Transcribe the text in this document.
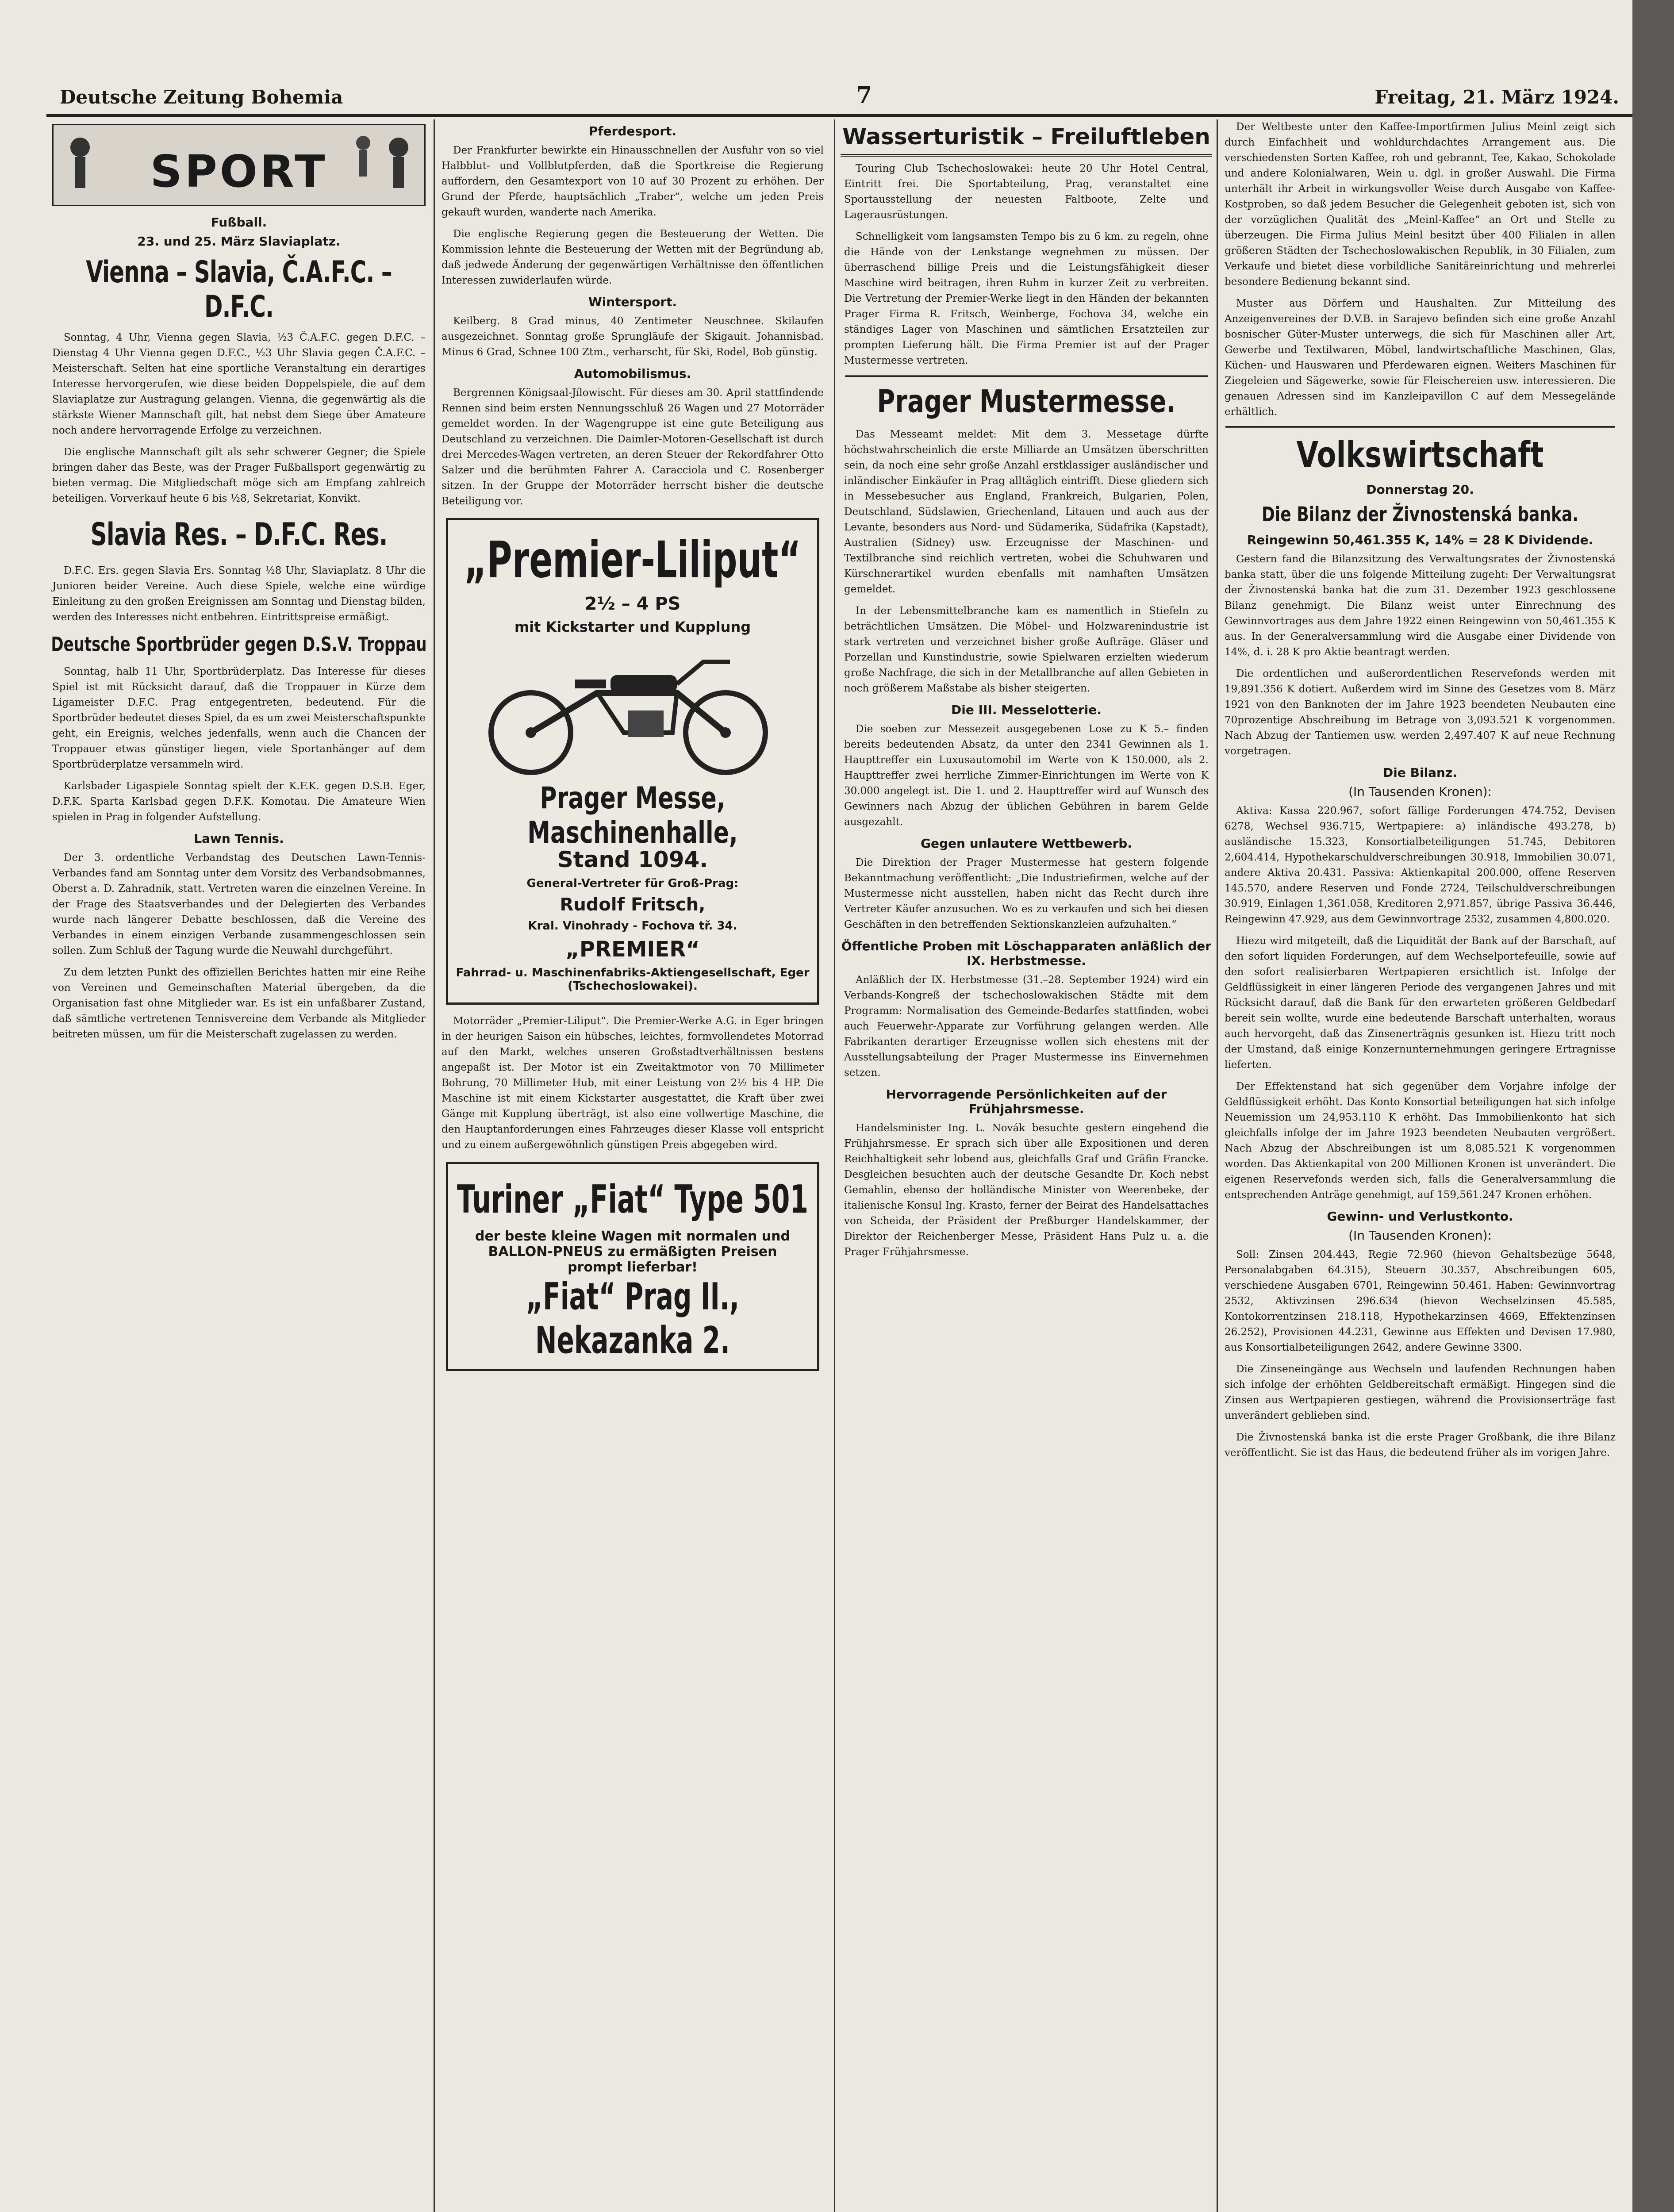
Deutsche Zeitung Bohemia	7	Freitag, 21. März 1924.
SPORT
Fußball.
23. und 25. März Slaviaplatz.
Vienna – Slavia, Č.A.F.C. – D.F.C.

Sonntag, 4 Uhr, Vienna gegen Slavia, ½3 Č.A.F.C. gegen D.F.C. – Dienstag 4 Uhr Vienna gegen D.F.C., ½3 Uhr Slavia gegen Č.A.F.C. – Meisterschaft. Selten hat eine sportliche Veranstaltung ein derartiges Interesse hervorgerufen, wie diese beiden Doppelspiele, die auf dem Slaviaplatze zur Austragung gelangen. Vienna, die gegenwärtig als die stärkste Wiener Mannschaft gilt, hat nebst dem Siege über Amateure noch andere hervorragende Erfolge zu verzeichnen.

Die englische Mannschaft gilt als sehr schwerer Gegner; die Spiele bringen daher das Beste, was der Prager Fußballsport gegenwärtig zu bieten vermag. Die Mitgliedschaft möge sich am Empfang zahlreich beteiligen. Vorverkauf heute 6 bis ½8, Sekretariat, Konvikt.

Slavia Res. – D.F.C. Res.

D.F.C. Ers. gegen Slavia Ers. Sonntag ½8 Uhr, Slaviaplatz. 8 Uhr die Junioren beider Vereine. Auch diese Spiele, welche eine würdige Einleitung zu den großen Ereignissen am Sonntag und Dienstag bilden, werden des Interesses nicht entbehren. Eintrittspreise ermäßigt.

Deutsche Sportbrüder gegen D.S.V. Troppau

Sonntag, halb 11 Uhr, Sportbrüderplatz. Das Interesse für dieses Spiel ist mit Rücksicht darauf, daß die Troppauer in Kürze dem Ligameister D.F.C. Prag entgegentreten, bedeutend. Für die Sportbrüder bedeutet dieses Spiel, da es um zwei Meisterschaftspunkte geht, ein Ereignis, welches jedenfalls, wenn auch die Chancen der Troppauer etwas günstiger liegen, viele Sportanhänger auf dem Sportbrüderplatze versammeln wird.

Karlsbader Ligaspiele Sonntag spielt der K.F.K. gegen D.S.B. Eger, D.F.K. Sparta Karlsbad gegen D.F.K. Komotau. Die Amateure Wien spielen in Prag in folgender Aufstellung.

Lawn Tennis.

Der 3. ordentliche Verbandstag des Deutschen Lawn-Tennis-Verbandes fand am Sonntag unter dem Vorsitz des Verbandsobmannes, Oberst a. D. Zahradnik, statt. Vertreten waren die einzelnen Vereine. In der Frage des Staatsverbandes und der Delegierten des Verbandes wurde nach längerer Debatte beschlossen, daß die Vereine des Verbandes in einem einzigen Verbande zusammengeschlossen sein sollen. Zum Schluß der Tagung wurde die Neuwahl durchgeführt.

Zu dem letzten Punkt des offiziellen Berichtes hatten mir eine Reihe von Vereinen und Gemeinschaften Material übergeben, da die Organisation fast ohne Mitglieder war. Es ist ein unfaßbarer Zustand, daß sämtliche vertretenen Tennisvereine dem Verbande als Mitglieder beitreten müssen, um für die Meisterschaft zugelassen zu werden.

Pferdesport.

Der Frankfurter bewirkte ein Hinausschnellen der Ausfuhr von so viel Halbblut- und Vollblutpferden, daß die Sportkreise die Regierung auffordern, den Gesamtexport von 10 auf 30 Prozent zu erhöhen. Der Grund der Pferde, hauptsächlich „Traber“, welche um jeden Preis gekauft wurden, wanderte nach Amerika.

Die englische Regierung gegen die Besteuerung der Wetten. Die Kommission lehnte die Besteuerung der Wetten mit der Begründung ab, daß jedwede Änderung der gegenwärtigen Verhältnisse den öffentlichen Interessen zuwiderlaufen würde.

Wintersport.

Keilberg. 8 Grad minus, 40 Zentimeter Neuschnee. Skilaufen ausgezeichnet. Sonntag große Sprungläufe der Skigauit. Johannisbad. Minus 6 Grad, Schnee 100 Ztm., verharscht, für Ski, Rodel, Bob günstig.

Automobilismus.

Bergrennen Königsaal-Jílowischt. Für dieses am 30. April stattfindende Rennen sind beim ersten Nennungsschluß 26 Wagen und 27 Motorräder gemeldet worden. In der Wagengruppe ist eine gute Beteiligung aus Deutschland zu verzeichnen. Die Daimler-Motoren-Gesellschaft ist durch drei Mercedes-Wagen vertreten, an deren Steuer der Rekordfahrer Otto Salzer und die berühmten Fahrer A. Caracciola und C. Rosenberger sitzen. In der Gruppe der Motorräder herrscht bisher die deutsche Beteiligung vor.

„Premier-Liliput“
2½ – 4 PS
mit Kickstarter und Kupplung
Prager Messe, Maschinenhalle,
Stand 1094.
General-Vertreter für Groß-Prag:
Rudolf Fritsch,
Kral. Vinohrady - Fochova tř. 34.
„PREMIER“
Fahrrad- u. Maschinenfabriks-Aktiengesellschaft, Eger (Tschechoslowakei).

Motorräder „Premier-Liliput“. Die Premier-Werke A.G. in Eger bringen in der heurigen Saison ein hübsches, leichtes, formvollendetes Motorrad auf den Markt, welches unseren Großstadtverhältnissen bestens angepaßt ist. Der Motor ist ein Zweitaktmotor von 70 Millimeter Bohrung, 70 Millimeter Hub, mit einer Leistung von 2½ bis 4 HP. Die Maschine ist mit einem Kickstarter ausgestattet, die Kraft über zwei Gänge mit Kupplung überträgt, ist also eine vollwertige Maschine, die den Hauptanforderungen eines Fahrzeuges dieser Klasse voll entspricht und zu einem außergewöhnlich günstigen Preis abgegeben wird.

Turiner „Fiat“ Type 501
der beste kleine Wagen mit normalen und BALLON-PNEUS zu ermäßigten Preisen prompt lieferbar!
„Fiat“ Prag II., Nekazanka 2.
Wasserturistik – Freiluftleben

Touring Club Tschechoslowakei: heute 20 Uhr Hotel Central, Eintritt frei. Die Sportabteilung, Prag, veranstaltet eine Sportausstellung der neuesten Faltboote, Zelte und Lagerausrüstungen.

Schnelligkeit vom langsamsten Tempo bis zu 6 km. zu regeln, ohne die Hände von der Lenkstange wegnehmen zu müssen. Der überraschend billige Preis und die Leistungsfähigkeit dieser Maschine wird beitragen, ihren Ruhm in kurzer Zeit zu verbreiten. Die Vertretung der Premier-Werke liegt in den Händen der bekannten Prager Firma R. Fritsch, Weinberge, Fochova 34, welche ein ständiges Lager von Maschinen und sämtlichen Ersatzteilen zur prompten Lieferung hält. Die Firma Premier ist auf der Prager Mustermesse vertreten.

Prager Mustermesse.

Das Messeamt meldet: Mit dem 3. Messetage dürfte höchstwahrscheinlich die erste Milliarde an Umsätzen überschritten sein, da noch eine sehr große Anzahl erstklassiger ausländischer und inländischer Einkäufer in Prag alltäglich eintrifft. Diese gliedern sich in Messebesucher aus England, Frankreich, Bulgarien, Polen, Deutschland, Südslawien, Griechenland, Litauen und auch aus der Levante, besonders aus Nord- und Südamerika, Südafrika (Kapstadt), Australien (Sidney) usw. Erzeugnisse der Maschinen- und Textilbranche sind reichlich vertreten, wobei die Schuhwaren und Kürschnerartikel wurden ebenfalls mit namhaften Umsätzen gemeldet.

In der Lebensmittelbranche kam es namentlich in Stiefeln zu beträchtlichen Umsätzen. Die Möbel- und Holzwarenindustrie ist stark vertreten und verzeichnet bisher große Aufträge. Gläser und Porzellan und Kunstindustrie, sowie Spielwaren erzielten wiederum große Nachfrage, die sich in der Metallbranche auf allen Gebieten in noch größerem Maßstabe als bisher steigerten.

Die III. Messelotterie.

Die soeben zur Messezeit ausgegebenen Lose zu K 5.– finden bereits bedeutenden Absatz, da unter den 2341 Gewinnen als 1. Haupttreffer ein Luxusautomobil im Werte von K 150.000, als 2. Haupttreffer zwei herrliche Zimmer-Einrichtungen im Werte von K 30.000 angelegt ist. Die 1. und 2. Haupttreffer wird auf Wunsch des Gewinners nach Abzug der üblichen Gebühren in barem Gelde ausgezahlt.

Gegen unlautere Wettbewerb.

Die Direktion der Prager Mustermesse hat gestern folgende Bekanntmachung veröffentlicht: „Die Industriefirmen, welche auf der Mustermesse nicht ausstellen, haben nicht das Recht durch ihre Vertreter Käufer anzusuchen. Wo es zu verkaufen und sich bei diesen Geschäften in den betreffenden Sektionskanzleien aufzuhalten.“

Öffentliche Proben mit Löschapparaten anläßlich der IX. Herbstmesse.

Anläßlich der IX. Herbstmesse (31.–28. September 1924) wird ein Verbands-Kongreß der tschechoslowakischen Städte mit dem Programm: Normalisation des Gemeinde-Bedarfes stattfinden, wobei auch Feuerwehr-Apparate zur Vorführung gelangen werden. Alle Fabrikanten derartiger Erzeugnisse wollen sich ehestens mit der Ausstellungsabteilung der Prager Mustermesse ins Einvernehmen setzen.

Hervorragende Persönlichkeiten auf der Frühjahrsmesse.

Handelsminister Ing. L. Novák besuchte gestern eingehend die Frühjahrsmesse. Er sprach sich über alle Expositionen und deren Reichhaltigkeit sehr lobend aus, gleichfalls Graf und Gräfin Francke. Desgleichen besuchten auch der deutsche Gesandte Dr. Koch nebst Gemahlin, ebenso der holländische Minister von Weerenbeke, der italienische Konsul Ing. Krasto, ferner der Beirat des Handelsattaches von Scheida, der Präsident der Preßburger Handelskammer, der Direktor der Reichenberger Messe, Präsident Hans Pulz u. a. die Prager Frühjahrsmesse.

Der Weltbeste unter den Kaffee-Importfirmen Julius Meinl zeigt sich durch Einfachheit und wohldurchdachtes Arrangement aus. Die verschiedensten Sorten Kaffee, roh und gebrannt, Tee, Kakao, Schokolade und andere Kolonialwaren, Wein u. dgl. in großer Auswahl. Die Firma unterhält ihr Arbeit in wirkungsvoller Weise durch Ausgabe von Kaffee-Kostproben, so daß jedem Besucher die Gelegenheit geboten ist, sich von der vorzüglichen Qualität des „Meinl-Kaffee“ an Ort und Stelle zu überzeugen. Die Firma Julius Meinl besitzt über 400 Filialen in allen größeren Städten der Tschechoslowakischen Republik, in 30 Filialen, zum Verkaufe und bietet diese vorbildliche Sanitäreinrichtung und mehrerlei besondere Bedienung bekannt sind.

Muster aus Dörfern und Haushalten. Zur Mitteilung des Anzeigenvereines der D.V.B. in Sarajevo befinden sich eine große Anzahl bosnischer Güter-Muster unterwegs, die sich für Maschinen aller Art, Gewerbe und Textilwaren, Möbel, landwirtschaftliche Maschinen, Glas, Küchen- und Hauswaren und Pferdewaren eignen. Weiters Maschinen für Ziegeleien und Sägewerke, sowie für Fleischereien usw. interessieren. Die genauen Adressen sind im Kanzleipavillon C auf dem Messegelände erhältlich.

Volkswirtschaft
Donnerstag 20.
Die Bilanz der Živnostenská banka.
Reingewinn 50,461.355 K, 14% = 28 K Dividende.

Gestern fand die Bilanzsitzung des Verwaltungsrates der Živnostenská banka statt, über die uns folgende Mitteilung zugeht: Der Verwaltungsrat der Živnostenská banka hat die zum 31. Dezember 1923 geschlossene Bilanz genehmigt. Die Bilanz weist unter Einrechnung des Gewinnvortrages aus dem Jahre 1922 einen Reingewinn von 50,461.355 K aus. In der Generalversammlung wird die Ausgabe einer Dividende von 14%, d. i. 28 K pro Aktie beantragt werden.

Die ordentlichen und außerordentlichen Reservefonds werden mit 19,891.356 K dotiert. Außerdem wird im Sinne des Gesetzes vom 8. März 1921 von den Banknoten der im Jahre 1923 beendeten Neubauten eine 70prozentige Abschreibung im Betrage von 3,093.521 K vorgenommen. Nach Abzug der Tantiemen usw. werden 2,497.407 K auf neue Rechnung vorgetragen.

Die Bilanz.
(In Tausenden Kronen):

Aktiva: Kassa 220.967, sofort fällige Forderungen 474.752, Devisen 6278, Wechsel 936.715, Wertpapiere: a) inländische 493.278, b) ausländische 15.323, Konsortialbeteiligungen 51.745, Debitoren 2,604.414, Hypothekarschuldverschreibungen 30.918, Immobilien 30.071, andere Aktiva 20.431. Passiva: Aktienkapital 200.000, offene Reserven 145.570, andere Reserven und Fonde 2724, Teilschuldverschreibungen 30.919, Einlagen 1,361.058, Kreditoren 2,971.857, übrige Passiva 36.446, Reingewinn 47.929, aus dem Gewinnvortrage 2532, zusammen 4,800.020.

Hiezu wird mitgeteilt, daß die Liquidität der Bank auf der Barschaft, auf den sofort liquiden Forderungen, auf dem Wechselportefeuille, sowie auf den sofort realisierbaren Wertpapieren ersichtlich ist. Infolge der Geldflüssigkeit in einer längeren Periode des vergangenen Jahres und mit Rücksicht darauf, daß die Bank für den erwarteten größeren Geldbedarf bereit sein wollte, wurde eine bedeutende Barschaft unterhalten, woraus auch hervorgeht, daß das Zinsenerträgnis gesunken ist. Hiezu tritt noch der Umstand, daß einige Konzernunternehmungen geringere Ertragnisse lieferten.

Der Effektenstand hat sich gegenüber dem Vorjahre infolge der Geldflüssigkeit erhöht. Das Konto Konsortial beteiligungen hat sich infolge Neuemission um 24,953.110 K erhöht. Das Immobilienkonto hat sich gleichfalls infolge der im Jahre 1923 beendeten Neubauten vergrößert. Nach Abzug der Abschreibungen ist um 8,085.521 K vorgenommen worden. Das Aktienkapital von 200 Millionen Kronen ist unverändert. Die eigenen Reservefonds werden sich, falls die Generalversammlung die entsprechenden Anträge genehmigt, auf 159,561.247 Kronen erhöhen.

Gewinn- und Verlustkonto.
(In Tausenden Kronen):

Soll: Zinsen 204.443, Regie 72.960 (hievon Gehaltsbezüge 5648, Personalabgaben 64.315), Steuern 30.357, Abschreibungen 605, verschiedene Ausgaben 6701, Reingewinn 50.461. Haben: Gewinnvortrag 2532, Aktivzinsen 296.634 (hievon Wechselzinsen 45.585, Kontokorrentzinsen 218.118, Hypothekarzinsen 4669, Effektenzinsen 26.252), Provisionen 44.231, Gewinne aus Effekten und Devisen 17.980, aus Konsortialbeteiligungen 2642, andere Gewinne 3300.

Die Zinseneingänge aus Wechseln und laufenden Rechnungen haben sich infolge der erhöhten Geldbereitschaft ermäßigt. Hingegen sind die Zinsen aus Wertpapieren gestiegen, während die Provisionserträge fast unverändert geblieben sind.

Die Živnostenská banka ist die erste Prager Großbank, die ihre Bilanz veröffentlicht. Sie ist das Haus, die bedeutend früher als im vorigen Jahre.
